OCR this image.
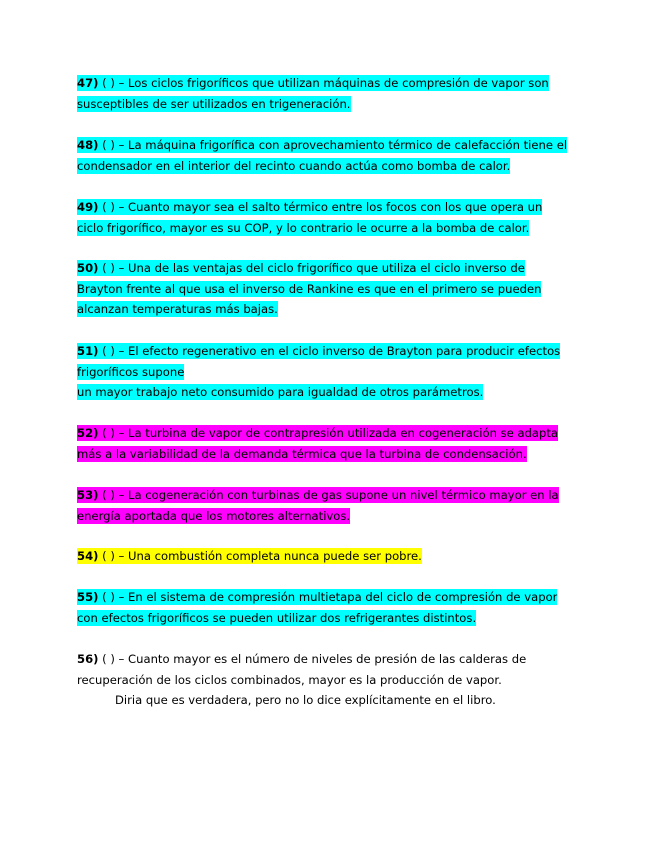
47) ( ) – Los ciclos frigoríficos que utilizan máquinas de compresión de vapor son
susceptibles de ser utilizados en trigeneración.
48) ( ) – La máquina frigorífica con aprovechamiento térmico de calefacción tiene el
condensador en el interior del recinto cuando actúa como bomba de calor.
49) ( ) – Cuanto mayor sea el salto térmico entre los focos con los que opera un
ciclo frigorífico, mayor es su COP, y lo contrario le ocurre a la bomba de calor.
50) ( ) – Una de las ventajas del ciclo frigorífico que utiliza el ciclo inverso de
Brayton frente al que usa el inverso de Rankine es que en el primero se pueden
alcanzan temperaturas más bajas.
51) ( ) – El efecto regenerativo en el ciclo inverso de Brayton para producir efectos
frigoríficos supone
un mayor trabajo neto consumido para igualdad de otros parámetros.
52) ( ) – La turbina de vapor de contrapresión utilizada en cogeneración se adapta
más a la variabilidad de la demanda térmica que la turbina de condensación.
53) ( ) – La cogeneración con turbinas de gas supone un nivel térmico mayor en la
energía aportada que los motores alternativos.
54) ( ) – Una combustión completa nunca puede ser pobre.
55) ( ) – En el sistema de compresión multietapa del ciclo de compresión de vapor
con efectos frigoríficos se pueden utilizar dos refrigerantes distintos.
56) ( ) – Cuanto mayor es el número de niveles de presión de las calderas de
recuperación de los ciclos combinados, mayor es la producción de vapor.
Diria que es verdadera, pero no lo dice explícitamente en el libro.
